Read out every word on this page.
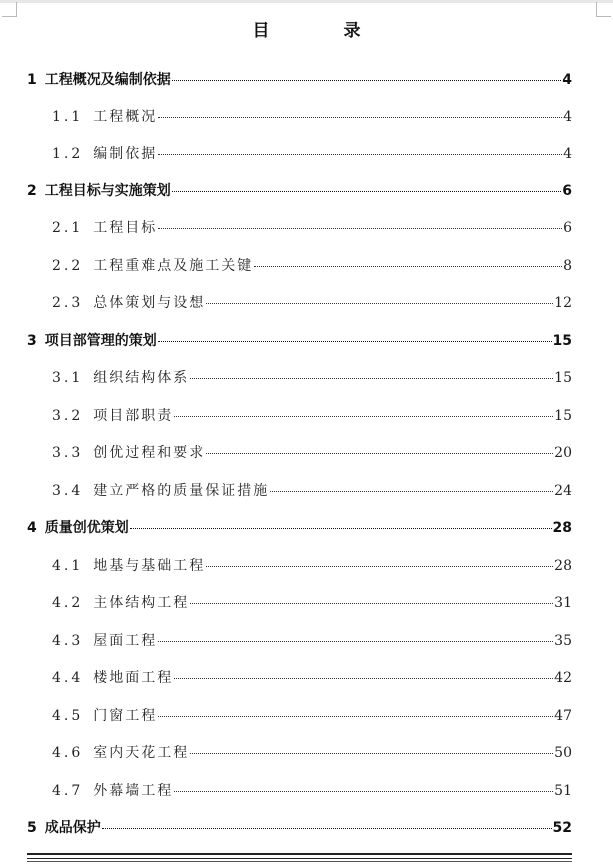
目 录
1 工程概况及编制依据	4
1.1 工程概况	4
1.2 编制依据	4
2 工程目标与实施策划	6
2.1 工程目标	6
2.2 工程重难点及施工关键	8
2.3 总体策划与设想	12
3 项目部管理的策划	15
3.1 组织结构体系	15
3.2 项目部职责	15
3.3 创优过程和要求	20
3.4 建立严格的质量保证措施	24
4 质量创优策划	28
4.1 地基与基础工程	28
4.2 主体结构工程	31
4.3 屋面工程	35
4.4 楼地面工程	42
4.5 门窗工程	47
4.6 室内天花工程	50
4.7 外幕墙工程	51
5 成品保护	52
